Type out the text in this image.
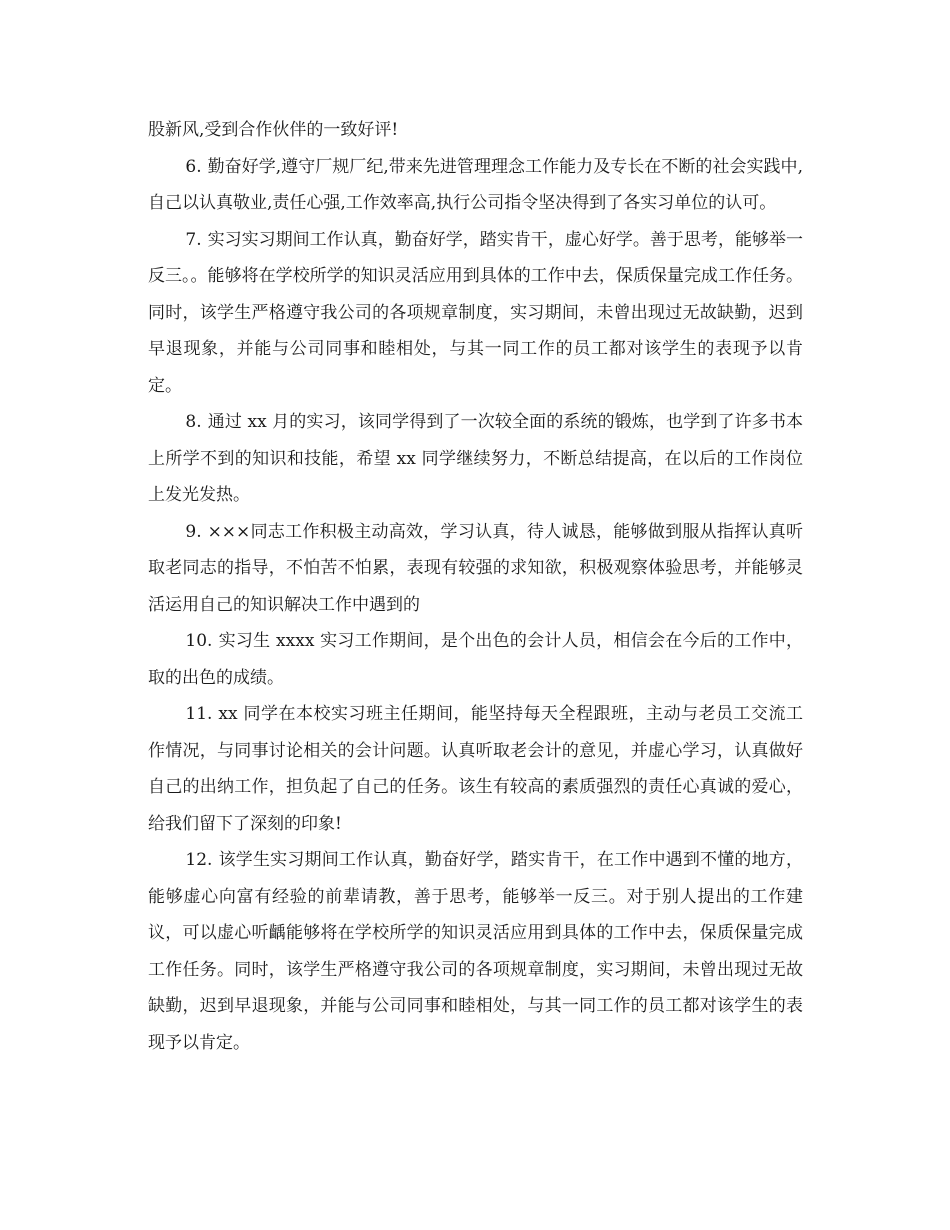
股新风,受到合作伙伴的一致好评!

6. 勤奋好学,遵守厂规厂纪,带来先进管理理念工作能力及专长在不断的社会实践中,自己以认真敬业,责任心强,工作效率高,执行公司指令坚决得到了各实习单位的认可。

7. 实习实习期间工作认真，勤奋好学，踏实肯干，虚心好学。善于思考，能够举一反三。。能够将在学校所学的知识灵活应用到具体的工作中去，保质保量完成工作任务。同时，该学生严格遵守我公司的各项规章制度，实习期间，未曾出现过无故缺勤，迟到早退现象，并能与公司同事和睦相处，与其一同工作的员工都对该学生的表现予以肯定。

8. 通过 xx 月的实习，该同学得到了一次较全面的系统的锻炼，也学到了许多书本上所学不到的知识和技能，希望 xx 同学继续努力，不断总结提高，在以后的工作岗位上发光发热。

9. ×××同志工作积极主动高效，学习认真，待人诚恳，能够做到服从指挥认真听取老同志的指导，不怕苦不怕累，表现有较强的求知欲，积极观察体验思考，并能够灵活运用自己的知识解决工作中遇到的

10. 实习生 xxxx 实习工作期间，是个出色的会计人员，相信会在今后的工作中，取的出色的成绩。

11. xx 同学在本校实习班主任期间，能坚持每天全程跟班，主动与老员工交流工作情况，与同事讨论相关的会计问题。认真听取老会计的意见，并虚心学习，认真做好自己的出纳工作，担负起了自己的任务。该生有较高的素质强烈的责任心真诚的爱心，给我们留下了深刻的印象!

12. 该学生实习期间工作认真，勤奋好学，踏实肯干，在工作中遇到不懂的地方，能够虚心向富有经验的前辈请教，善于思考，能够举一反三。对于别人提出的工作建议，可以虚心听齲能够将在学校所学的知识灵活应用到具体的工作中去，保质保量完成工作任务。同时，该学生严格遵守我公司的各项规章制度，实习期间，未曾出现过无故缺勤，迟到早退现象，并能与公司同事和睦相处，与其一同工作的员工都对该学生的表现予以肯定。
